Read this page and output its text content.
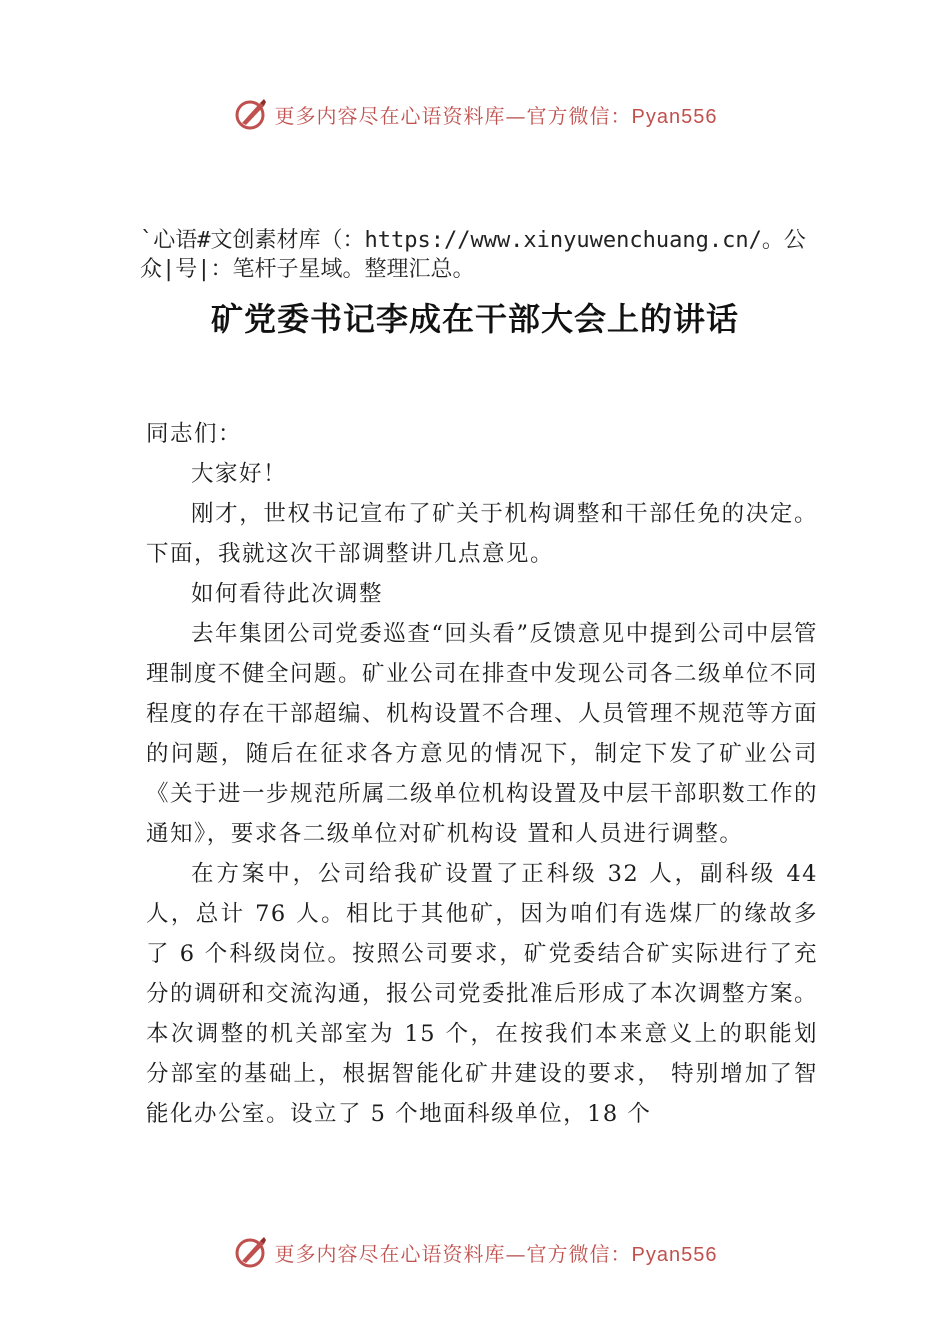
更多内容尽在心语资料库—官方微信：Pyan556
`心语#文创素材库（：https://www.xinyuwenchuang.cn/。公众|号|：笔杆子星域。整理汇总。
矿党委书记李成在干部大会上的讲话

同志们：

大家好！

刚才，世权书记宣布了矿关于机构调整和干部任免的决定。下面，我就这次干部调整讲几点意见。

如何看待此次调整

去年集团公司党委巡查“回头看”反馈意见中提到公司中层管理制度不健全问题。矿业公司在排查中发现公司各二级单位不同程度的存在干部超编、机构设置不合理、人员管理不规范等方面的问题，随后在征求各方意见的情况下，制定下发了矿业公司《关于进一步规范所属二级单位机构设置及中层干部职数工作的通知》，要求各二级单位对矿机构设 置和人员进行调整。

在方案中，公司给我矿设置了正科级 32 人，副科级 44 人，总计 76 人。相比于其他矿，因为咱们有选煤厂的缘故多了 6 个科级岗位。按照公司要求，矿党委结合矿实际进行了充分的调研和交流沟通，报公司党委批准后形成了本次调整方案。本次调整的机关部室为 15 个，在按我们本来意义上的职能划分部室的基础上，根据智能化矿井建设的要求， 特别增加了智能化办公室。设立了 5 个地面科级单位，18 个

更多内容尽在心语资料库—官方微信：Pyan556
